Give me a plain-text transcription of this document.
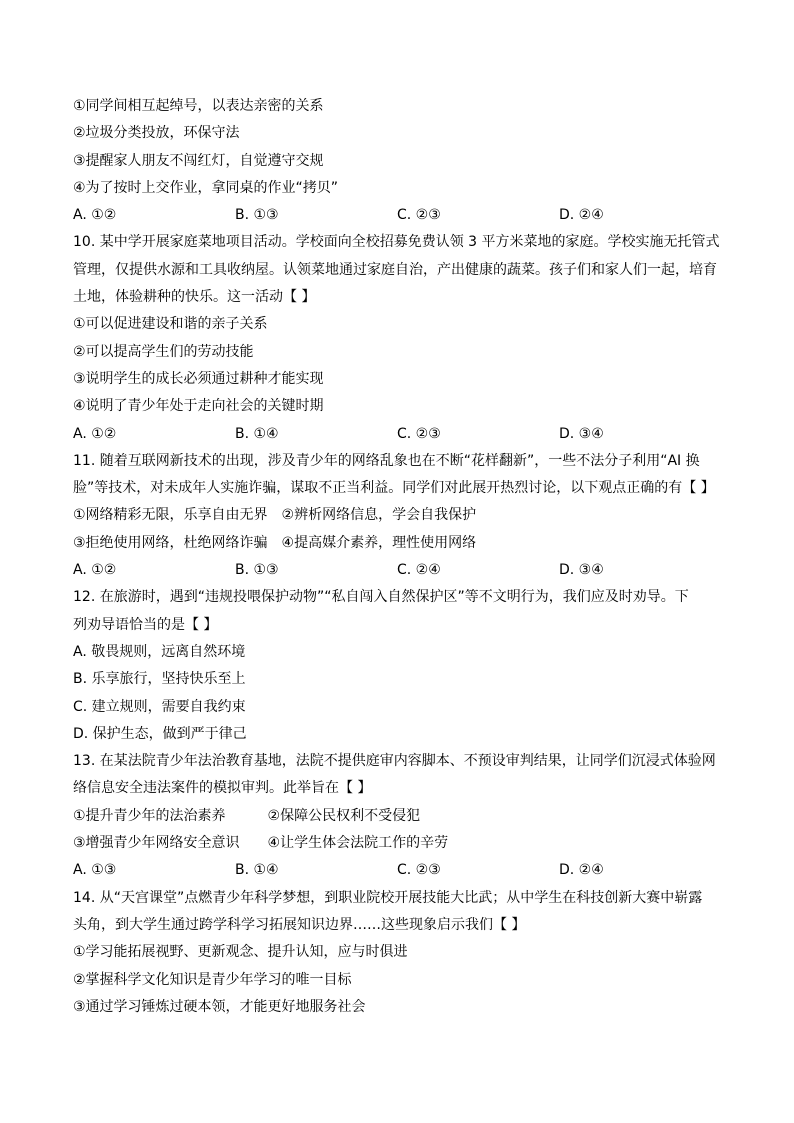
①同学间相互起绰号，以表达亲密的关系
②垃圾分类投放，环保守法
③提醒家人朋友不闯红灯，自觉遵守交规
④为了按时上交作业，拿同桌的作业“拷贝”
A. ①②	B. ①③	C. ②③	D. ②④
10. 某中学开展家庭菜地项目活动。学校面向全校招募免费认领 3 平方米菜地的家庭。学校实施无托管式
管理，仅提供水源和工具收纳屋。认领菜地通过家庭自治，产出健康的蔬菜。孩子们和家人们一起，培育
土地，体验耕种的快乐。这一活动【 】
①可以促进建设和谐的亲子关系
②可以提高学生们的劳动技能
③说明学生的成长必须通过耕种才能实现
④说明了青少年处于走向社会的关键时期
A. ①②	B. ①④	C. ②③	D. ③④
11. 随着互联网新技术的出现，涉及青少年的网络乱象也在不断“花样翻新”，一些不法分子利用“AI 换
脸”等技术，对未成年人实施诈骗，谋取不正当利益。同学们对此展开热烈讨论，以下观点正确的有【 】
①网络精彩无限，乐享自由无界　②辨析网络信息，学会自我保护
③拒绝使用网络，杜绝网络诈骗　④提高媒介素养，理性使用网络
A. ①②	B. ①③	C. ②④	D. ③④
12. 在旅游时，遇到“违规投喂保护动物”“私自闯入自然保护区”等不文明行为，我们应及时劝导。下
列劝导语恰当的是【 】
A. 敬畏规则，远离自然环境
B. 乐享旅行，坚持快乐至上
C. 建立规则，需要自我约束
D. 保护生态，做到严于律己
13. 在某法院青少年法治教育基地，法院不提供庭审内容脚本、不预设审判结果，让同学们沉浸式体验网
络信息安全违法案件的模拟审判。此举旨在【 】
①提升青少年的法治素养　　　②保障公民权利不受侵犯
③增强青少年网络安全意识　　④让学生体会法院工作的辛劳
A. ①③	B. ①④	C. ②③	D. ②④
14. 从“天宫课堂”点燃青少年科学梦想，到职业院校开展技能大比武；从中学生在科技创新大赛中崭露
头角，到大学生通过跨学科学习拓展知识边界……这些现象启示我们【 】
①学习能拓展视野、更新观念、提升认知，应与时俱进
②掌握科学文化知识是青少年学习的唯一目标
③通过学习锤炼过硬本领，才能更好地服务社会
